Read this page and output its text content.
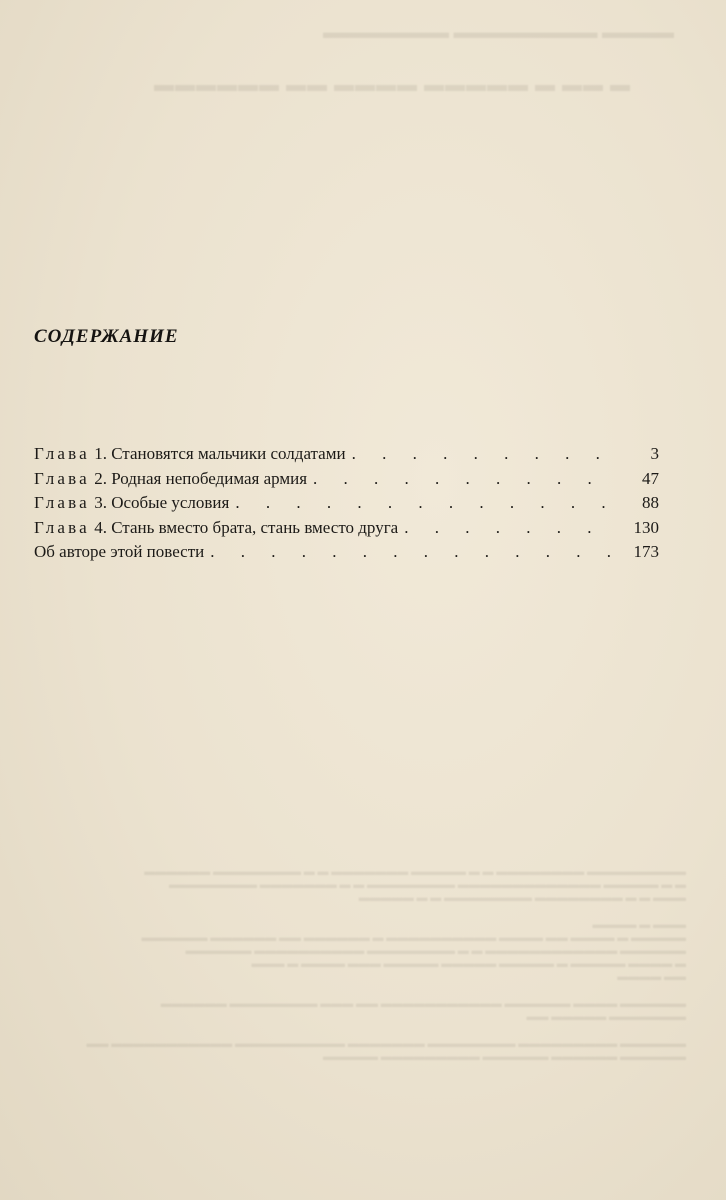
▬▬▬▬ ▬▬▬▬▬▬▬▬ ▬▬▬▬▬▬▬
▬ ▬▬ ▬ ▬▬▬▬▬ ▬▬▬▬ ▬▬ ▬▬▬▬▬▬

▬▬▬▬▬▬▬▬▬ ▬▬▬▬▬▬▬▬ ▬ ▬ ▬▬▬▬▬ ▬▬▬▬▬▬▬ ▬ ▬ ▬▬▬▬▬▬▬▬ ▬▬▬▬▬▬
▬ ▬ ▬▬▬▬▬ ▬▬▬▬▬▬▬▬▬▬▬▬▬ ▬▬▬▬▬▬▬▬ ▬ ▬ ▬▬▬▬▬▬▬ ▬▬▬▬▬▬▬▬
▬▬▬ ▬ ▬ ▬▬▬▬▬▬▬▬ ▬▬▬▬▬▬▬▬ ▬ ▬ ▬▬▬▬▬

▬▬▬ ▬ ▬▬▬▬
▬▬▬▬▬ ▬ ▬▬▬▬ ▬▬ ▬▬▬▬ ▬▬▬▬▬▬▬▬▬▬ ▬ ▬▬▬▬▬▬ ▬▬ ▬▬▬▬▬▬ ▬▬▬▬▬▬
▬▬▬▬▬▬ ▬▬▬▬▬▬▬▬▬▬▬▬ ▬ ▬ ▬▬▬▬▬▬▬▬ ▬▬▬▬▬▬▬▬▬▬ ▬▬▬▬▬▬
▬ ▬▬▬▬ ▬▬▬▬▬ ▬ ▬▬▬▬▬ ▬▬▬▬▬ ▬▬▬▬▬ ▬▬▬ ▬▬▬▬ ▬ ▬▬▬
▬▬ ▬▬▬▬

▬▬▬▬▬▬ ▬▬▬▬ ▬▬▬▬▬▬ ▬▬▬▬▬▬▬▬▬▬▬ ▬▬ ▬▬▬ ▬▬▬▬▬▬▬▬ ▬▬▬▬▬▬
▬▬▬▬▬▬▬ ▬▬▬▬▬ ▬▬

▬▬▬▬▬▬ ▬▬▬▬▬▬▬▬▬ ▬▬▬▬▬▬▬▬ ▬▬▬▬▬▬▬ ▬▬▬▬▬▬▬▬▬▬ ▬▬▬▬▬▬▬▬▬▬▬ ▬▬
▬▬▬▬▬▬ ▬▬▬▬▬▬ ▬▬▬▬▬▬ ▬▬▬▬▬▬▬▬▬ ▬▬▬▬▬

СОДЕРЖАНИЕ
Глава 1. Становятся мальчики солдатами . . .	3
Глава 2. Родная непобедимая армия . . .	47
Глава 3. Особые условия . . .	88
Глава 4. Стань вместо брата, стань вместо друга . . .	130
Об авторе этой повести . . .	173
